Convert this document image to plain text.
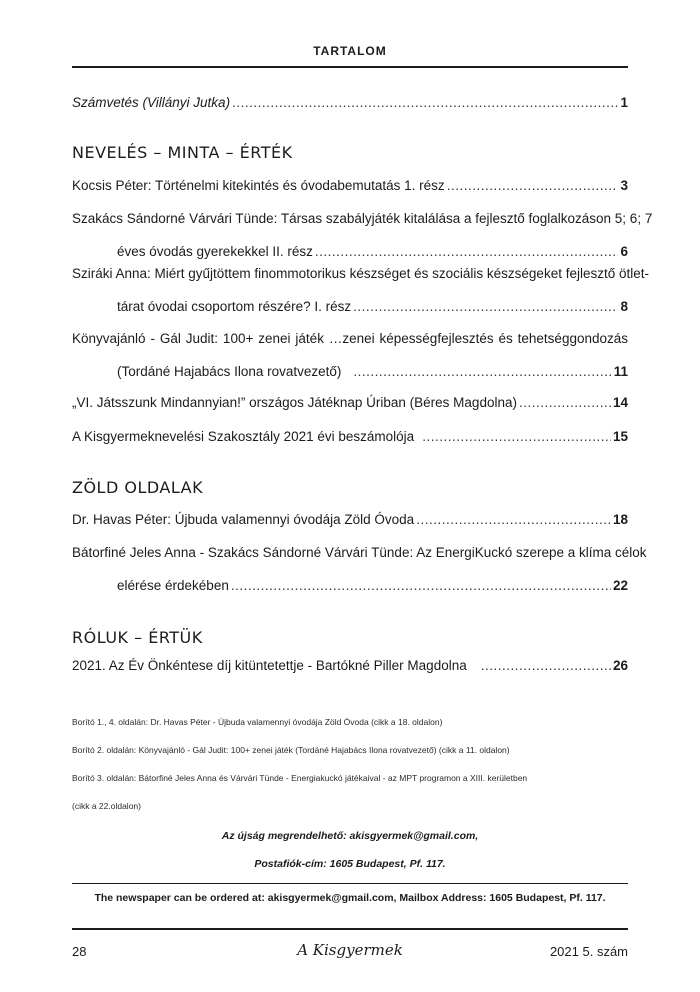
TARTALOM
Számvetés (Villányi Jutka) .....	1
NEVELÉS – MINTA – ÉRTÉK
Kocsis Péter: Történelmi kitekintés és óvodabemutatás 1. rész .....	3
Szakács Sándorné Várvári Tünde: Társas szabályjáték kitalálása a fejlesztő foglalkozáson 5; 6; 7
éves óvodás gyerekekkel II. rész .....	6
Sziráki Anna: Miért gyűjtöttem finommotorikus készséget és szociális készségeket fejlesztő ötlet-
tárat óvodai csoportom részére? I. rész .....	8
Könyvajánló - Gál Judit: 100+ zenei játék …zenei képességfejlesztés és tehetséggondozás
(Tordáné Hajabács Ilona rovatvezető) .....	11
„VI. Játsszunk Mindannyian!” országos Játéknap Úriban (Béres Magdolna) .....	14
A Kisgyermeknevelési Szakosztály 2021 évi beszámolója .....	15
ZÖLD OLDALAK
Dr. Havas Péter: Újbuda valamennyi óvodája Zöld Óvoda .....	18
Bátorfiné Jeles Anna - Szakács Sándorné Várvári Tünde: Az EnergiKuckó szerepe a klíma célok
elérése érdekében .....	22
RÓLUK – ÉRTÜK
2021. Az Év Önkéntese díj kitüntetettje - Bartókné Piller Magdolna .....	26
Borító 1., 4. oldalán: Dr. Havas Péter - Újbuda valamennyi óvodája Zöld Óvoda (cikk a 18. oldalon)
Borító 2. oldalán: Könyvajánló - Gál Judit: 100+ zenei játék (Tordáné Hajabács Ilona rovatvezető) (cikk a 11. oldalon)
Borító 3. oldalán: Bátorfiné Jeles Anna és Várvári Tünde - Energiakuckó játékaival - az MPT programon a XIII. kerületben
(cikk a 22.oldalon)
Az újság megrendelhető: akisgyermek@gmail.com,
Postafiók-cím: 1605 Budapest, Pf. 117.
The newspaper can be ordered at: akisgyermek@gmail.com, Mailbox Address: 1605 Budapest, Pf. 117.
28	A Kisgyermek	2021 5. szám
